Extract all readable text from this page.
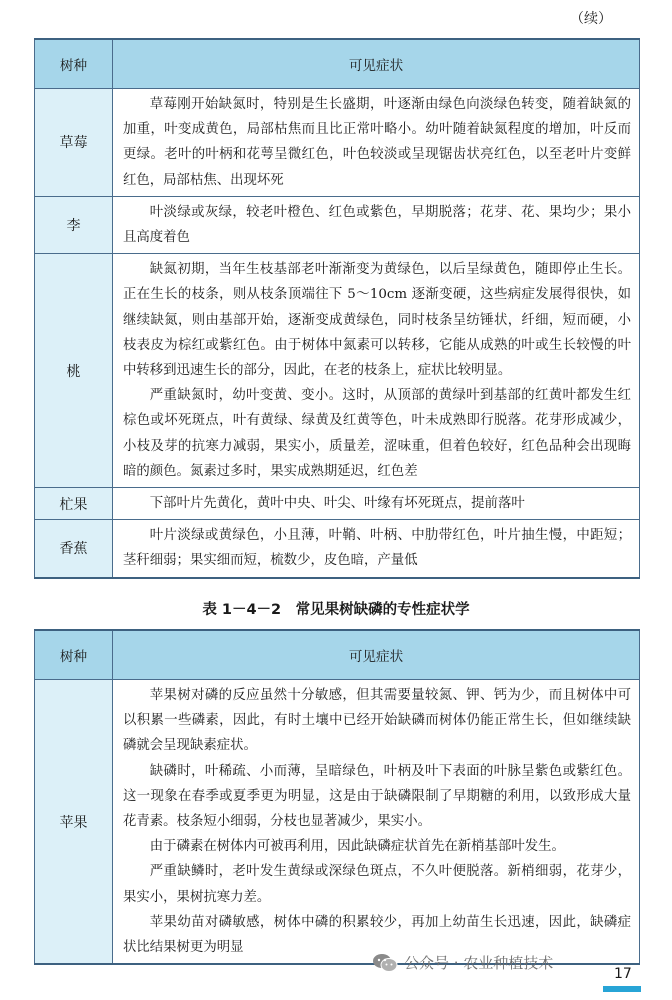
（续）
树种	可见症状
草莓	草莓刚开始缺氮时，特别是生长盛期，叶逐渐由绿色向淡绿色转变，随着缺氮的加重，叶变成黄色，局部枯焦而且比正常叶略小。幼叶随着缺氮程度的增加，叶反而更绿。老叶的叶柄和花萼呈微红色，叶色较淡或呈现锯齿状亮红色，以至老叶片变鲜红色，局部枯焦、出现坏死

李	叶淡绿或灰绿，较老叶橙色、红色或紫色，早期脱落；花芽、花、果均少；果小且高度着色

桃	缺氮初期，当年生枝基部老叶渐渐变为黄绿色，以后呈绿黄色，随即停止生长。正在生长的枝条，则从枝条顶端往下 5～10cm 逐渐变硬，这些病症发展得很快，如继续缺氮，则由基部开始，逐渐变成黄绿色，同时枝条呈纺锤状，纤细，短而硬，小枝表皮为棕红或紫红色。由于树体中氮素可以转移，它能从成熟的叶或生长较慢的叶中转移到迅速生长的部分，因此，在老的枝条上，症状比较明显。

严重缺氮时，幼叶变黄、变小。这时，从顶部的黄绿叶到基部的红黄叶都发生红棕色或坏死斑点，叶有黄绿、绿黄及红黄等色，叶未成熟即行脱落。花芽形成减少，小枝及芽的抗寒力减弱，果实小，质量差，涩味重，但着色较好，红色品种会出现晦暗的颜色。氮素过多时，果实成熟期延迟，红色差

杧果	下部叶片先黄化，黄叶中央、叶尖、叶缘有坏死斑点，提前落叶

香蕉	叶片淡绿或黄绿色，小且薄，叶鞘、叶柄、中肋带红色，叶片抽生慢，中距短；茎秆细弱；果实细而短，梳数少，皮色暗，产量低

表 1－4－2　常见果树缺磷的专性症状学
树种	可见症状
苹果	苹果树对磷的反应虽然十分敏感，但其需要量较氮、钾、钙为少，而且树体中可以积累一些磷素，因此，有时土壤中已经开始缺磷而树体仍能正常生长，但如继续缺磷就会呈现缺素症状。

缺磷时，叶稀疏、小而薄，呈暗绿色，叶柄及叶下表面的叶脉呈紫色或紫红色。这一现象在春季或夏季更为明显，这是由于缺磷限制了早期糖的利用，以致形成大量花青素。枝条短小细弱，分枝也显著减少，果实小。

由于磷素在树体内可被再利用，因此缺磷症状首先在新梢基部叶发生。

严重缺鳞时，老叶发生黄绿或深绿色斑点，不久叶便脱落。新梢细弱，花芽少，果实小，果树抗寒力差。

苹果幼苗对磷敏感，树体中磷的积累较少，再加上幼苗生长迅速，因此，缺磷症状比结果树更为明显

公众号 · 农业种植技术
17
